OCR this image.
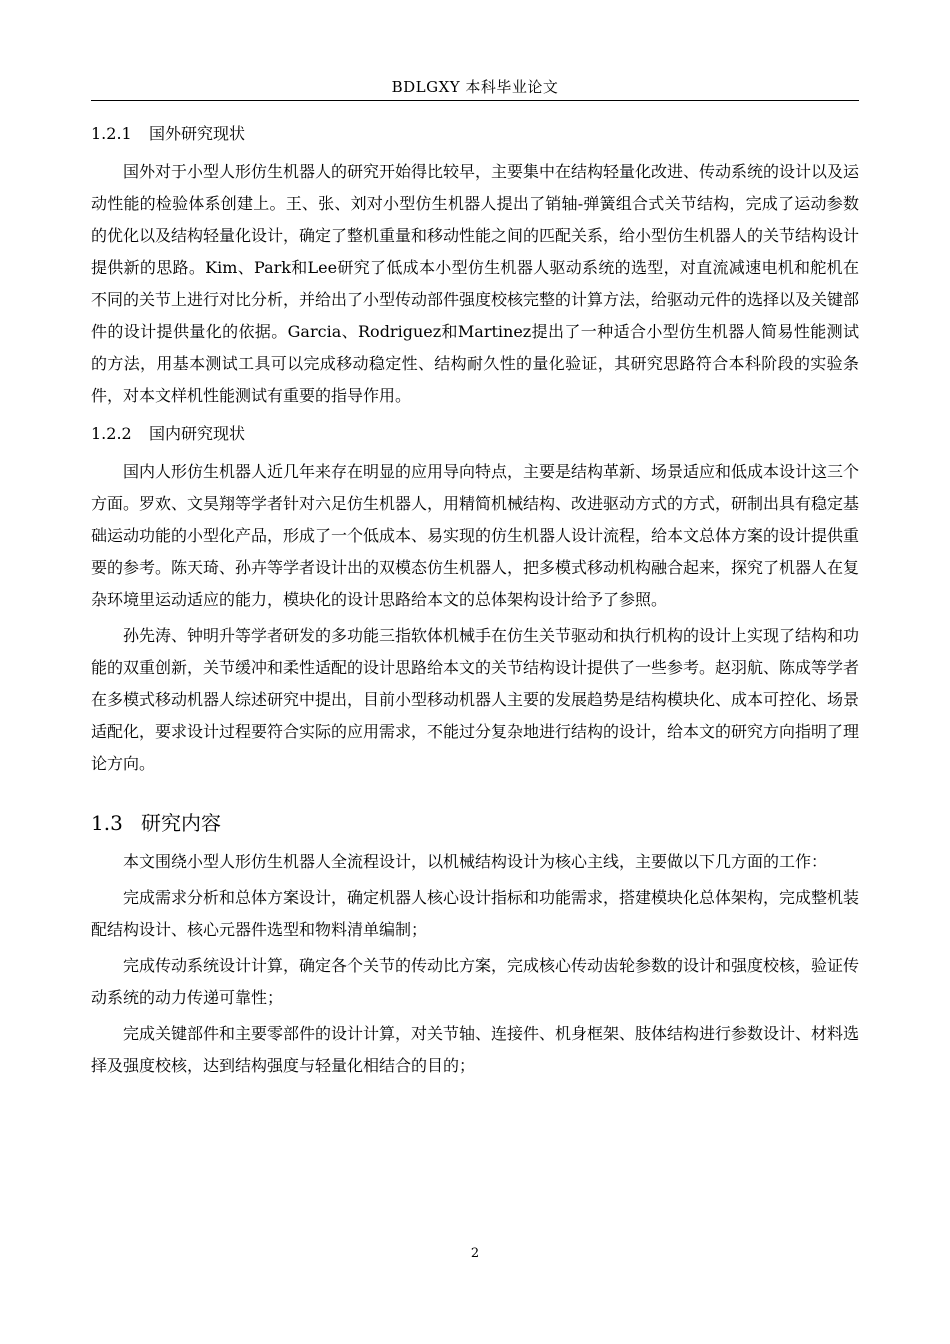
BDLGXY 本科毕业论文
1.2.1 国外研究现状

国外对于小型人形仿生机器人的研究开始得比较早，主要集中在结构轻量化改进、传动系统的设计以及运动性能的检验体系创建上。王、张、刘对小型仿生机器人提出了销轴-弹簧组合式关节结构，完成了运动参数的优化以及结构轻量化设计，确定了整机重量和移动性能之间的匹配关系，给小型仿生机器人的关节结构设计提供新的思路。Kim、Park和Lee研究了低成本小型仿生机器人驱动系统的选型，对直流减速电机和舵机在不同的关节上进行对比分析，并给出了小型传动部件强度校核完整的计算方法，给驱动元件的选择以及关键部件的设计提供量化的依据。Garcia、Rodriguez和Martinez提出了一种适合小型仿生机器人简易性能测试的方法，用基本测试工具可以完成移动稳定性、结构耐久性的量化验证，其研究思路符合本科阶段的实验条件，对本文样机性能测试有重要的指导作用。

1.2.2 国内研究现状

国内人形仿生机器人近几年来存在明显的应用导向特点，主要是结构革新、场景适应和低成本设计这三个方面。罗欢、文昊翔等学者针对六足仿生机器人，用精简机械结构、改进驱动方式的方式，研制出具有稳定基础运动功能的小型化产品，形成了一个低成本、易实现的仿生机器人设计流程，给本文总体方案的设计提供重要的参考。陈天琦、孙卉等学者设计出的双模态仿生机器人，把多模式移动机构融合起来，探究了机器人在复杂环境里运动适应的能力，模块化的设计思路给本文的总体架构设计给予了参照。

孙先涛、钟明升等学者研发的多功能三指软体机械手在仿生关节驱动和执行机构的设计上实现了结构和功能的双重创新，关节缓冲和柔性适配的设计思路给本文的关节结构设计提供了一些参考。赵羽航、陈成等学者在多模式移动机器人综述研究中提出，目前小型移动机器人主要的发展趋势是结构模块化、成本可控化、场景适配化，要求设计过程要符合实际的应用需求，不能过分复杂地进行结构的设计，给本文的研究方向指明了理论方向。

1.3 研究内容

本文围绕小型人形仿生机器人全流程设计，以机械结构设计为核心主线，主要做以下几方面的工作：

完成需求分析和总体方案设计，确定机器人核心设计指标和功能需求，搭建模块化总体架构，完成整机装配结构设计、核心元器件选型和物料清单编制；

完成传动系统设计计算，确定各个关节的传动比方案，完成核心传动齿轮参数的设计和强度校核，验证传动系统的动力传递可靠性；

完成关键部件和主要零部件的设计计算，对关节轴、连接件、机身框架、肢体结构进行参数设计、材料选择及强度校核，达到结构强度与轻量化相结合的目的；

2
